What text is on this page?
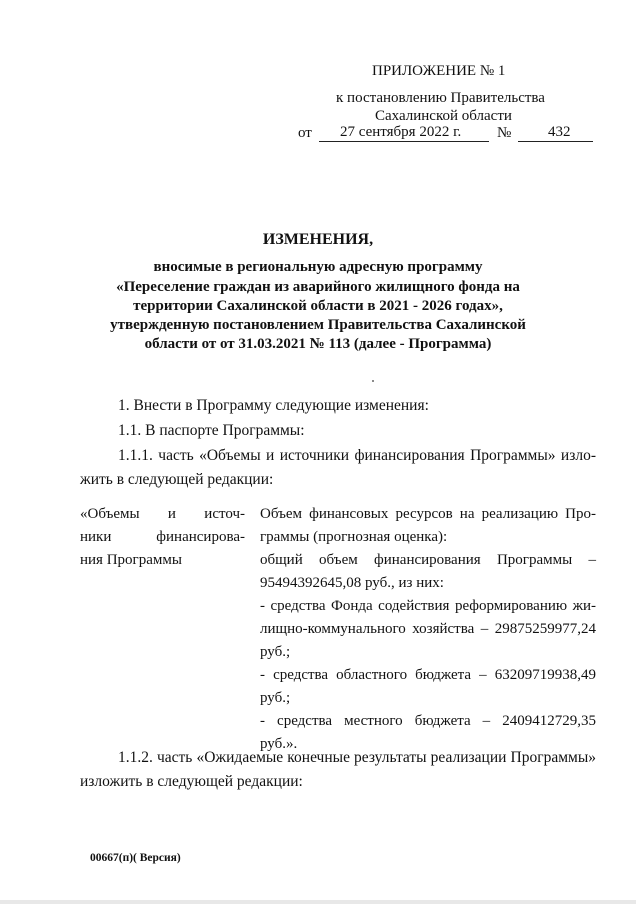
ПРИЛОЖЕНИЕ № 1
к постановлению Правительства
Сахалинской области
от 27 сентября 2022 г. № 432
ИЗМЕНЕНИЯ,
вносимые в региональную адресную программу
«Переселение граждан из аварийного жилищного фонда на
территории Сахалинской области в 2021 - 2026 годах»,
утвержденную постановлением Правительства Сахалинской
области от от 31.03.2021 № 113 (далее - Программа)
1. Внести в Программу следующие изменения:
1.1. В паспорте Программы:
1.1.1. часть «Объемы и источники финансирования Программы» изло-
жить в следующей редакции:
«Объемы и источ-
ники финансирова-
ния Программы
Объем финансовых ресурсов на реализацию Про-
граммы (прогнозная оценка):
общий объем финансирования Программы –
95494392645,08 руб., из них:
- средства Фонда содействия реформированию жи-
лищно-коммунального хозяйства – 29875259977,24
руб.;
- средства областного бюджета – 63209719938,49
руб.;
- средства местного бюджета – 2409412729,35
руб.».
1.1.2. часть «Ожидаемые конечные результаты реализации Программы»
изложить в следующей редакции:
00667(п)( Версия)
